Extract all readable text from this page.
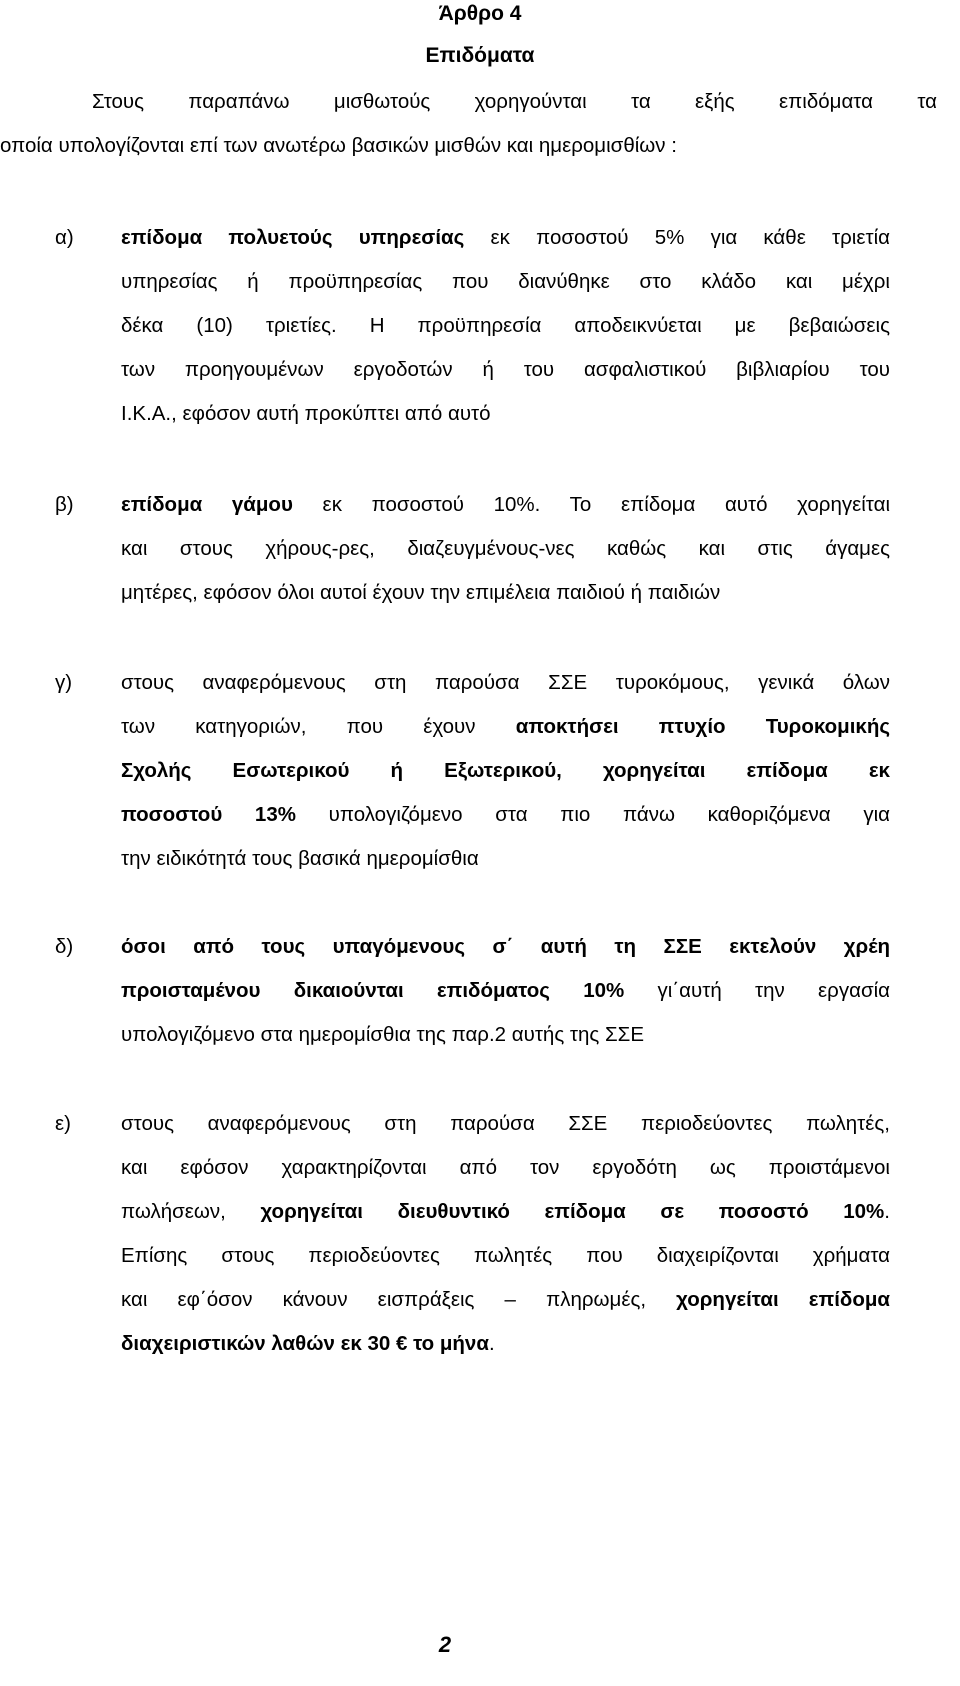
Άρθρο 4
Επιδόματα
Στους παραπάνω μισθωτούς χορηγούνται τα εξής επιδόματα τα
οποία υπολογίζονται επί των ανωτέρω βασικών μισθών και ημερομισθίων :
α) επίδομα πολυετούς υπηρεσίας εκ ποσοστού 5% για κάθε τριετία
υπηρεσίας ή προϋπηρεσίας που διανύθηκε στο κλάδο και μέχρι
δέκα (10) τριετίες. Η προϋπηρεσία αποδεικνύεται με βεβαιώσεις
των προηγουμένων εργοδοτών ή του ασφαλιστικού βιβλιαρίου του
Ι.Κ.Α., εφόσον αυτή προκύπτει από αυτό
β) επίδομα γάμου εκ ποσοστού 10%. Το επίδομα αυτό χορηγείται
και στους χήρους-ρες, διαζευγμένους-νες καθώς και στις άγαμες
μητέρες, εφόσον όλοι αυτοί έχουν την επιμέλεια παιδιού ή παιδιών
γ) στους αναφερόμενους στη παρούσα ΣΣΕ τυροκόμους, γενικά όλων
των κατηγοριών, που έχουν αποκτήσει πτυχίο Τυροκομικής
Σχολής Εσωτερικού ή Εξωτερικού, χορηγείται επίδομα εκ
ποσοστού 13% υπολογιζόμενο στα πιο πάνω καθοριζόμενα για
την ειδικότητά τους βασικά ημερομίσθια
δ) όσοι από τους υπαγόμενους σ΄ αυτή τη ΣΣΕ εκτελούν χρέη
προισταμένου δικαιούνται επιδόματος 10% γι΄αυτή την εργασία
υπολογιζόμενο στα ημερομίσθια της παρ.2 αυτής της ΣΣΕ
ε) στους αναφερόμενους στη παρούσα ΣΣΕ περιοδεύοντες πωλητές,
και εφόσον χαρακτηρίζονται από τον εργοδότη ως προιστάμενοι
πωλήσεων, χορηγείται διευθυντικό επίδομα σε ποσοστό 10%.
Επίσης στους περιοδεύοντες πωλητές που διαχειρίζονται χρήματα
και εφ΄όσον κάνουν εισπράξεις – πληρωμές, χορηγείται επίδομα
διαχειριστικών λαθών εκ 30 € το μήνα.
2
